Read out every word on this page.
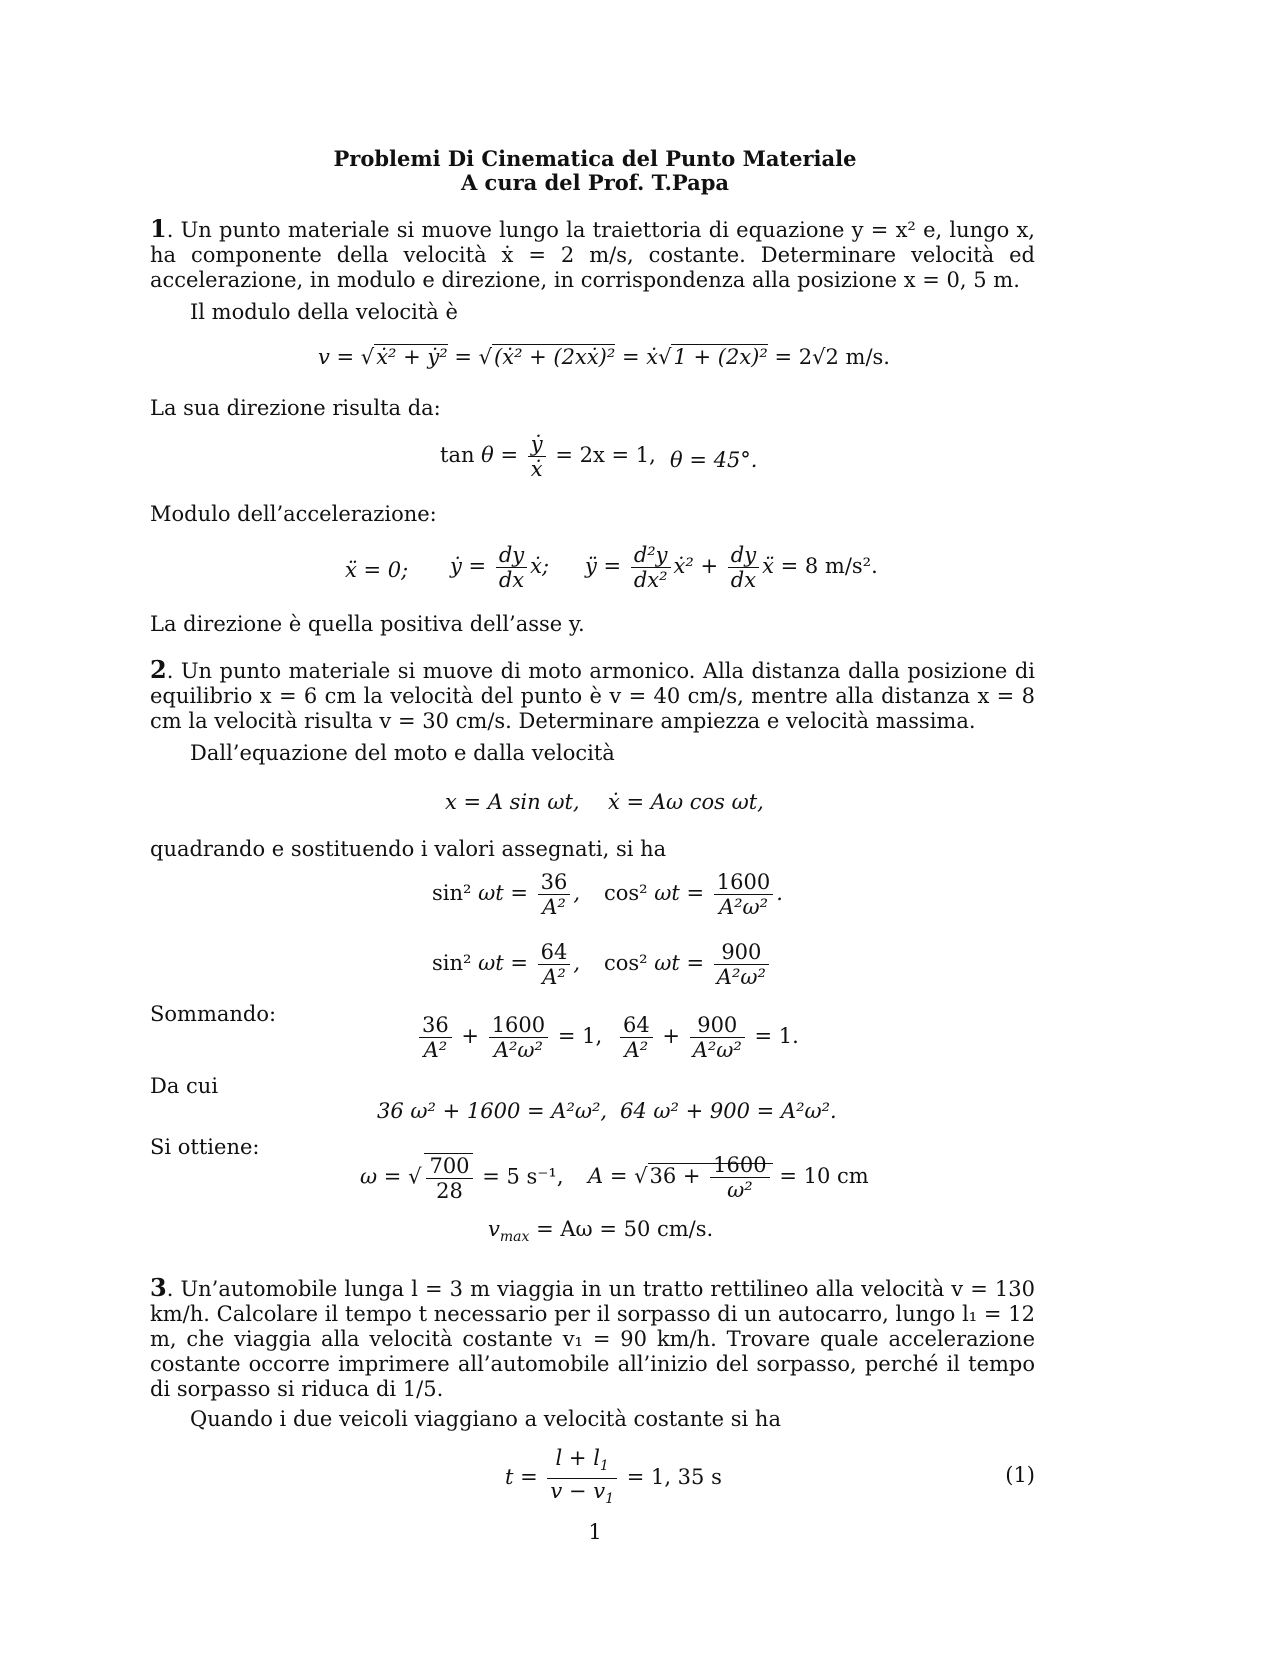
Problemi Di Cinematica del Punto Materiale
A cura del Prof. T.Papa
1. Un punto materiale si muove lungo la traiettoria di equazione y = x² e, lungo x, ha componente della velocità ẋ = 2 m/s, costante. Determinare velocità ed accelerazione, in modulo e direzione, in corrispondenza alla posizione x = 0, 5 m.
Il modulo della velocità è
v = √ẋ² + ẏ² = √(ẋ² + (2xẋ)² = ẋ√1 + (2x)² = 2√2 m/s.
La sua direzione risulta da:
$\tan \theta = \frac{\text{ẏ}}{\text{ẋ}} = 2x = 1$, θ = 45°.
Modulo dell’accelerazione:
ẍ = 0; ẏ = $\frac{dy}{dx}$ ẋ; ÿ = $\frac{\text{d²y}}{\text{dx²}}$ ẋ² + $\frac{dy}{dx}$ ẍ = 8 m/s².
La direzione è quella positiva dell’asse y.
2. Un punto materiale si muove di moto armonico. Alla distanza dalla posizione di equilibrio x = 6 cm la velocità del punto è v = 40 cm/s, mentre alla distanza x = 8 cm la velocità risulta v = 30 cm/s. Determinare ampiezza e velocità massima.
Dall’equazione del moto e dalla velocità
x = A sin ωt, ẋ = Aω cos ωt,
quadrando e sostituendo i valori assegnati, si ha
sin² $\omega t = \frac{36}{\text{A²}}$ , cos² $\omega t = \frac{1600}{\text{A²ω²}}$ .
sin² $\omega t = \frac{64}{\text{A²}}$ , cos² $\omega t = \frac{900}{\text{A²ω²}}$
Sommando:	$\frac{36}{\text{A²}} + \frac{1600}{\text{A²ω²}} = 1$, $\frac{64}{\text{A²}} + \frac{900}{\text{A²ω²}} = 1$.
Da cui
36 ω² + 1600 = A²ω², 64 ω² + 900 = A²ω².
Si ottiene:
ω = √ $\frac{700}{28} = 5$ s⁻¹, $A = √36 + \frac{1600}{\text{ω²}} = 10$ cm
$v_{max} = A\omega = 50$ cm/s.
3. Un’automobile lunga l = 3 m viaggia in un tratto rettilineo alla velocità v = 130 km/h. Calcolare il tempo t necessario per il sorpasso di un autocarro, lungo l₁ = 12 m, che viaggia alla velocità costante v₁ = 90 km/h. Trovare quale accelerazione costante occorre imprimere all’automobile all’inizio del sorpasso, perché il tempo di sorpasso si riduca di 1/5.
Quando i due veicoli viaggiano a velocità costante si ha
$t = \frac{l + l_1}{v - v_1} = 1$, 35 s	(1)
1
